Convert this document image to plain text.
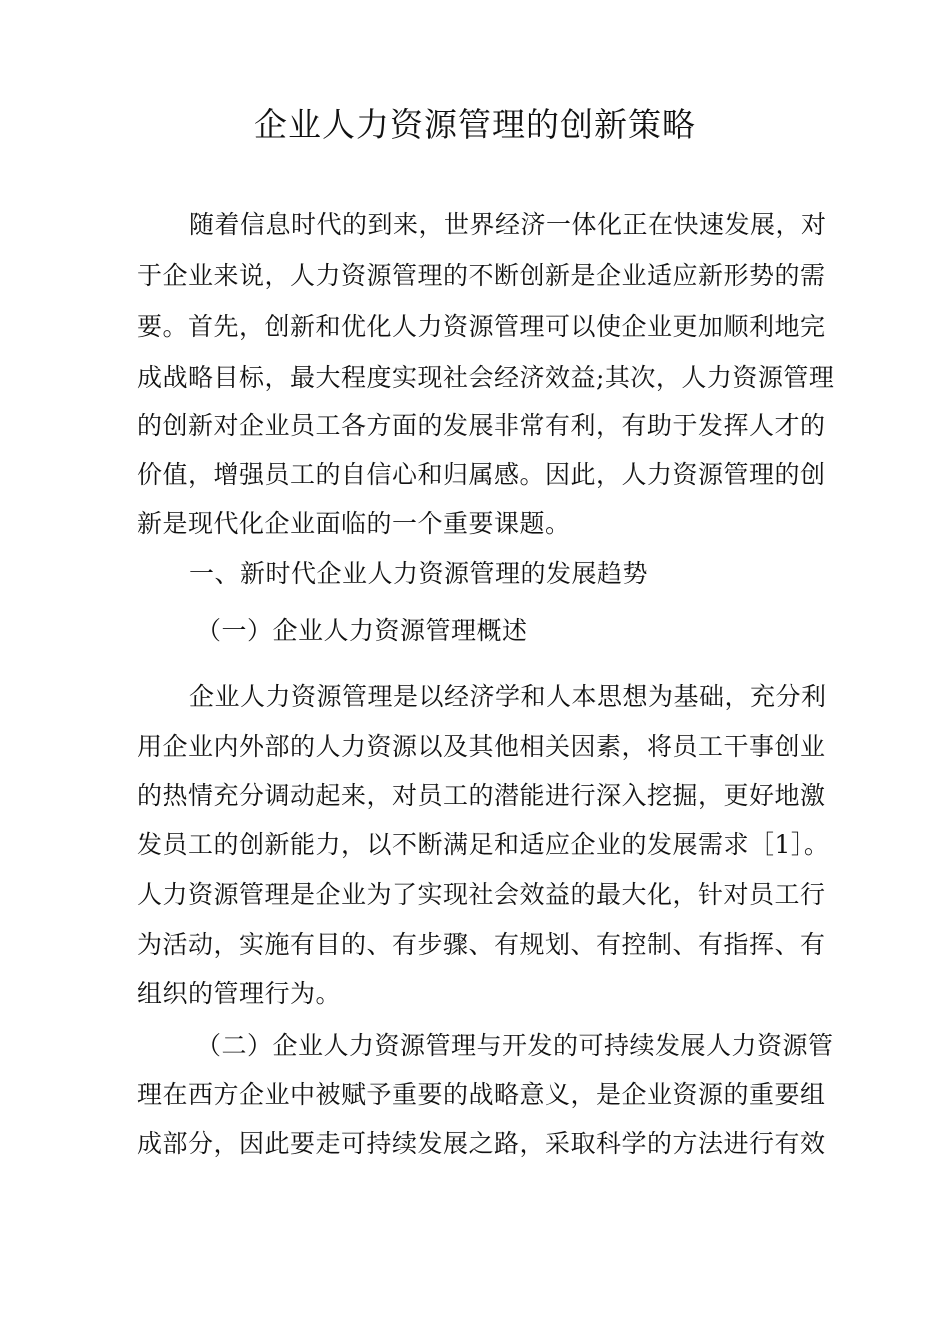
企业人力资源管理的创新策略
随着信息时代的到来，世界经济一体化正在快速发展，对
于企业来说，人力资源管理的不断创新是企业适应新形势的需
要。首先，创新和优化人力资源管理可以使企业更加顺利地完
成战略目标，最大程度实现社会经济效益;其次，人力资源管理
的创新对企业员工各方面的发展非常有利，有助于发挥人才的
价值，增强员工的自信心和归属感。因此，人力资源管理的创
新是现代化企业面临的一个重要课题。
一、新时代企业人力资源管理的发展趋势
（一）企业人力资源管理概述
企业人力资源管理是以经济学和人本思想为基础，充分利
用企业内外部的人力资源以及其他相关因素，将员工干事创业
的热情充分调动起来，对员工的潜能进行深入挖掘，更好地激
发员工的创新能力，以不断满足和适应企业的发展需求［1］。
人力资源管理是企业为了实现社会效益的最大化，针对员工行
为活动，实施有目的、有步骤、有规划、有控制、有指挥、有
组织的管理行为。
（二）企业人力资源管理与开发的可持续发展人力资源管
理在西方企业中被赋予重要的战略意义，是企业资源的重要组
成部分，因此要走可持续发展之路，采取科学的方法进行有效
